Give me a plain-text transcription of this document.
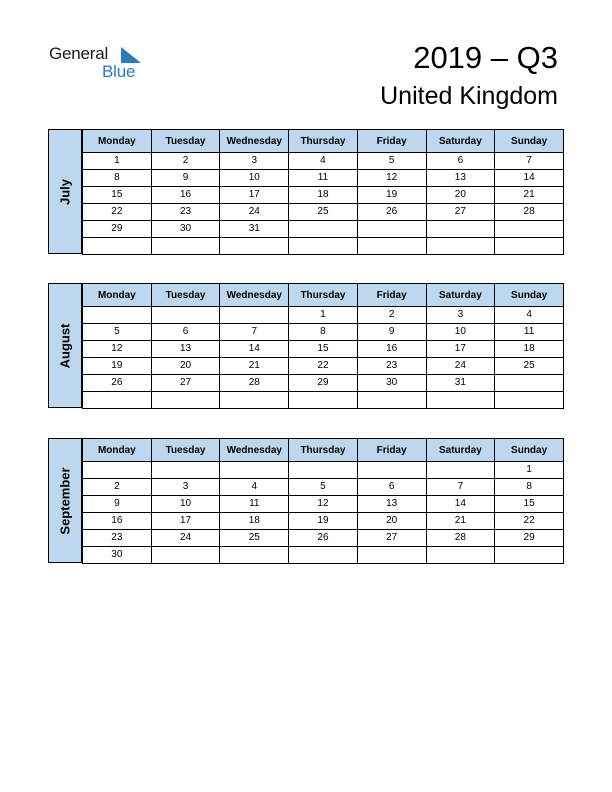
General
Blue	2019 – Q3
United Kingdom
July
Monday	Tuesday	Wednesday	Thursday	Friday	Saturday	Sunday
1	2	3	4	5	6	7
8	9	10	11	12	13	14
15	16	17	18	19	20	21
22	23	24	25	26	27	28
29	30	31				

August
Monday	Tuesday	Wednesday	Thursday	Friday	Saturday	Sunday
			1	2	3	4
5	6	7	8	9	10	11
12	13	14	15	16	17	18
19	20	21	22	23	24	25
26	27	28	29	30	31	

September
Monday	Tuesday	Wednesday	Thursday	Friday	Saturday	Sunday
						1
2	3	4	5	6	7	8
9	10	11	12	13	14	15
16	17	18	19	20	21	22
23	24	25	26	27	28	29
30						
